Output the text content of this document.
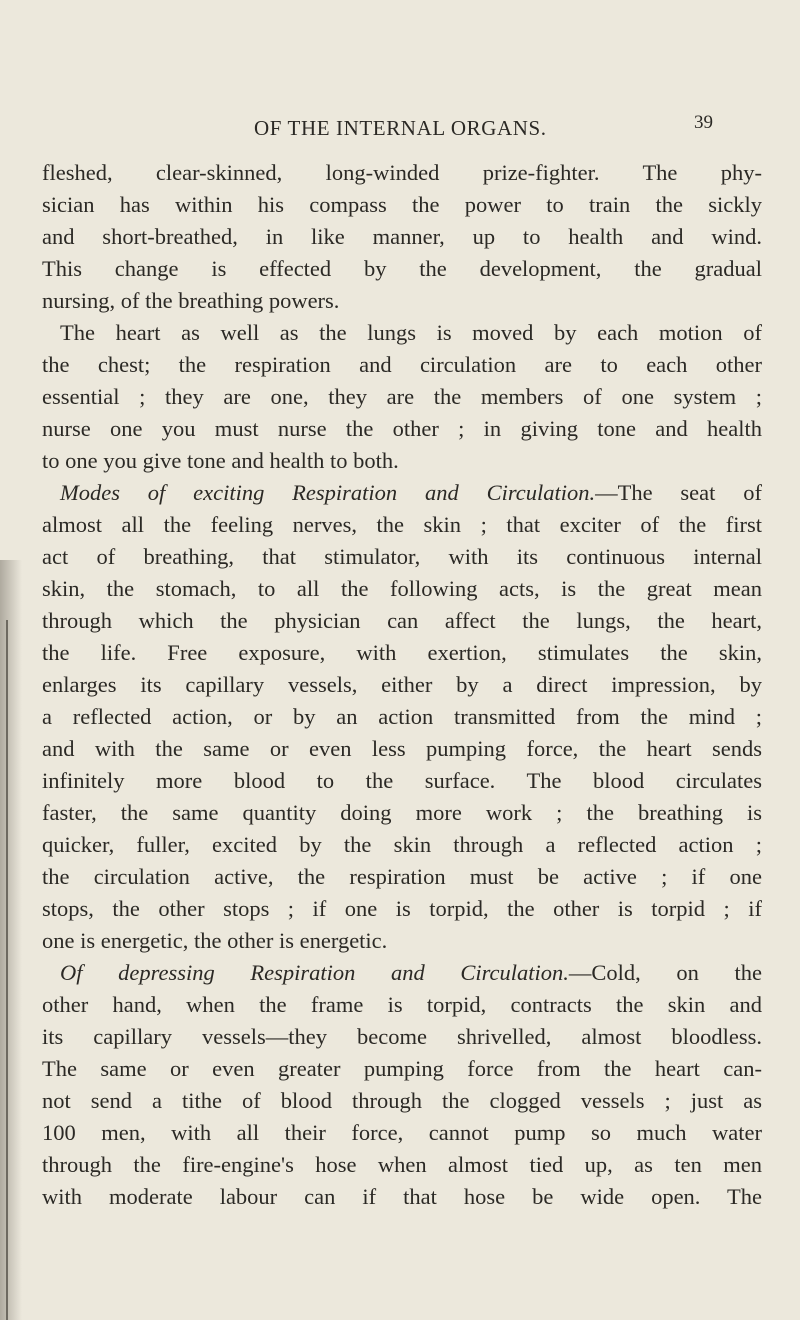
OF THE INTERNAL ORGANS.	39
fleshed, clear-skinned, long-winded prize-fighter. The phy-
sician has within his compass the power to train the sickly
and short-breathed, in like manner, up to health and wind.
This change is effected by the development, the gradual
nursing, of the breathing powers.
The heart as well as the lungs is moved by each motion of
the chest; the respiration and circulation are to each other
essential ; they are one, they are the members of one system ;
nurse one you must nurse the other ; in giving tone and health
to one you give tone and health to both.
Modes of exciting Respiration and Circulation.—The seat of
almost all the feeling nerves, the skin ; that exciter of the first
act of breathing, that stimulator, with its continuous internal
skin, the stomach, to all the following acts, is the great mean
through which the physician can affect the lungs, the heart,
the life. Free exposure, with exertion, stimulates the skin,
enlarges its capillary vessels, either by a direct impression, by
a reflected action, or by an action transmitted from the mind ;
and with the same or even less pumping force, the heart sends
infinitely more blood to the surface. The blood circulates
faster, the same quantity doing more work ; the breathing is
quicker, fuller, excited by the skin through a reflected action ;
the circulation active, the respiration must be active ; if one
stops, the other stops ; if one is torpid, the other is torpid ; if
one is energetic, the other is energetic.
Of depressing Respiration and Circulation.—Cold, on the
other hand, when the frame is torpid, contracts the skin and
its capillary vessels—they become shrivelled, almost bloodless.
The same or even greater pumping force from the heart can-
not send a tithe of blood through the clogged vessels ; just as
100 men, with all their force, cannot pump so much water
through the fire-engine's hose when almost tied up, as ten men
with moderate labour can if that hose be wide open. The
